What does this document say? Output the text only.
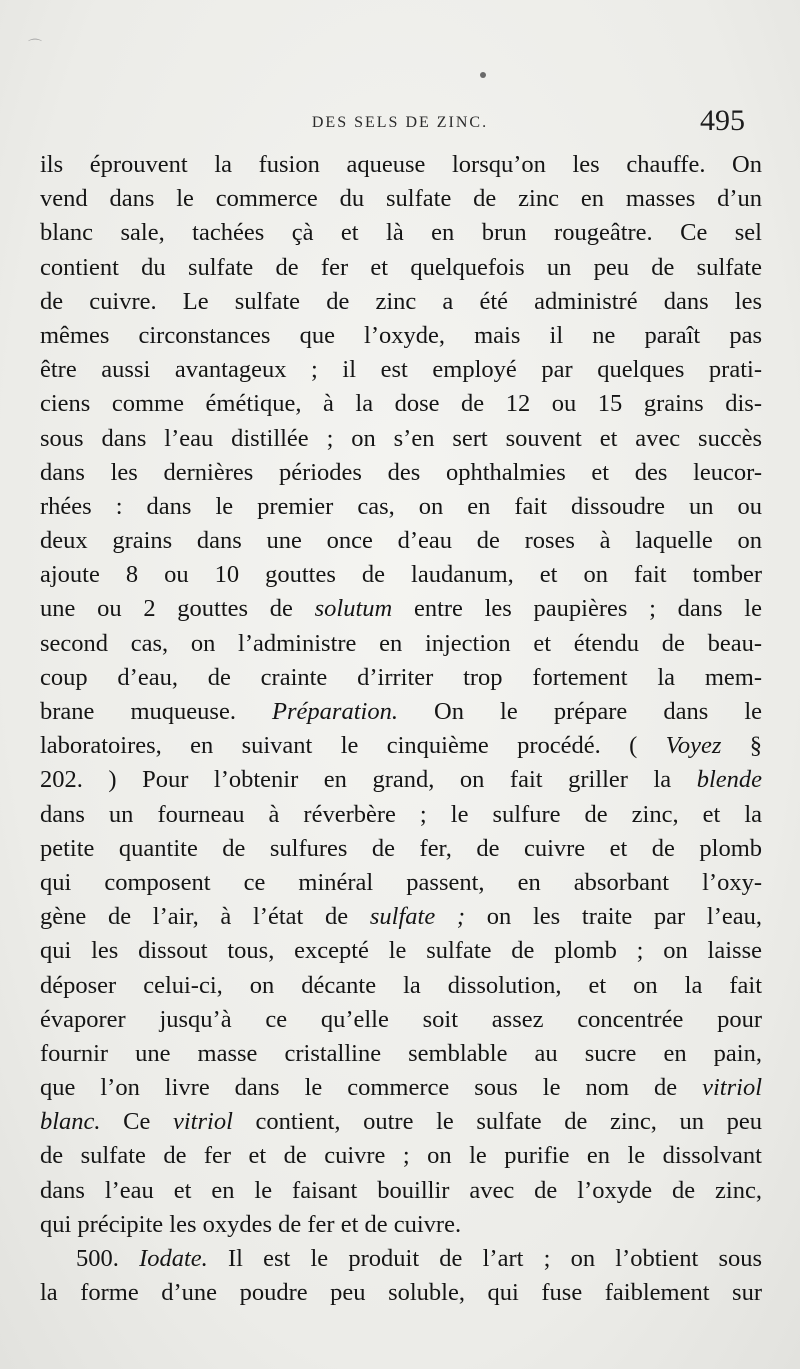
⌒
DES SELS DE ZINC.	495
ils éprouvent la fusion aqueuse lorsqu’on les chauffe. On
vend dans le commerce du sulfate de zinc en masses d’un
blanc sale, tachées çà et là en brun rougeâtre. Ce sel
contient du sulfate de fer et quelquefois un peu de sulfate
de cuivre. Le sulfate de zinc a été administré dans les
mêmes circonstances que l’oxyde, mais il ne paraît pas
être aussi avantageux ; il est employé par quelques prati-
ciens comme émétique, à la dose de 12 ou 15 grains dis-
sous dans l’eau distillée ; on s’en sert souvent et avec succès
dans les dernières périodes des ophthalmies et des leucor-
rhées : dans le premier cas, on en fait dissoudre un ou
deux grains dans une once d’eau de roses à laquelle on
ajoute 8 ou 10 gouttes de laudanum, et on fait tomber
une ou 2 gouttes de solutum entre les paupières ; dans le
second cas, on l’administre en injection et étendu de beau-
coup d’eau, de crainte d’irriter trop fortement la mem-
brane muqueuse. Préparation. On le prépare dans le
laboratoires, en suivant le cinquième procédé. ( Voyez §
202. ) Pour l’obtenir en grand, on fait griller la blende
dans un fourneau à réverbère ; le sulfure de zinc, et la
petite quantite de sulfures de fer, de cuivre et de plomb
qui composent ce minéral passent, en absorbant l’oxy-
gène de l’air, à l’état de sulfate ; on les traite par l’eau,
qui les dissout tous, excepté le sulfate de plomb ; on laisse
déposer celui-ci, on décante la dissolution, et on la fait
évaporer jusqu’à ce qu’elle soit assez concentrée pour
fournir une masse cristalline semblable au sucre en pain,
que l’on livre dans le commerce sous le nom de vitriol
blanc. Ce vitriol contient, outre le sulfate de zinc, un peu
de sulfate de fer et de cuivre ; on le purifie en le dissolvant
dans l’eau et en le faisant bouillir avec de l’oxyde de zinc,
qui précipite les oxydes de fer et de cuivre.
500. Iodate. Il est le produit de l’art ; on l’obtient sous
la forme d’une poudre peu soluble, qui fuse faiblement sur
